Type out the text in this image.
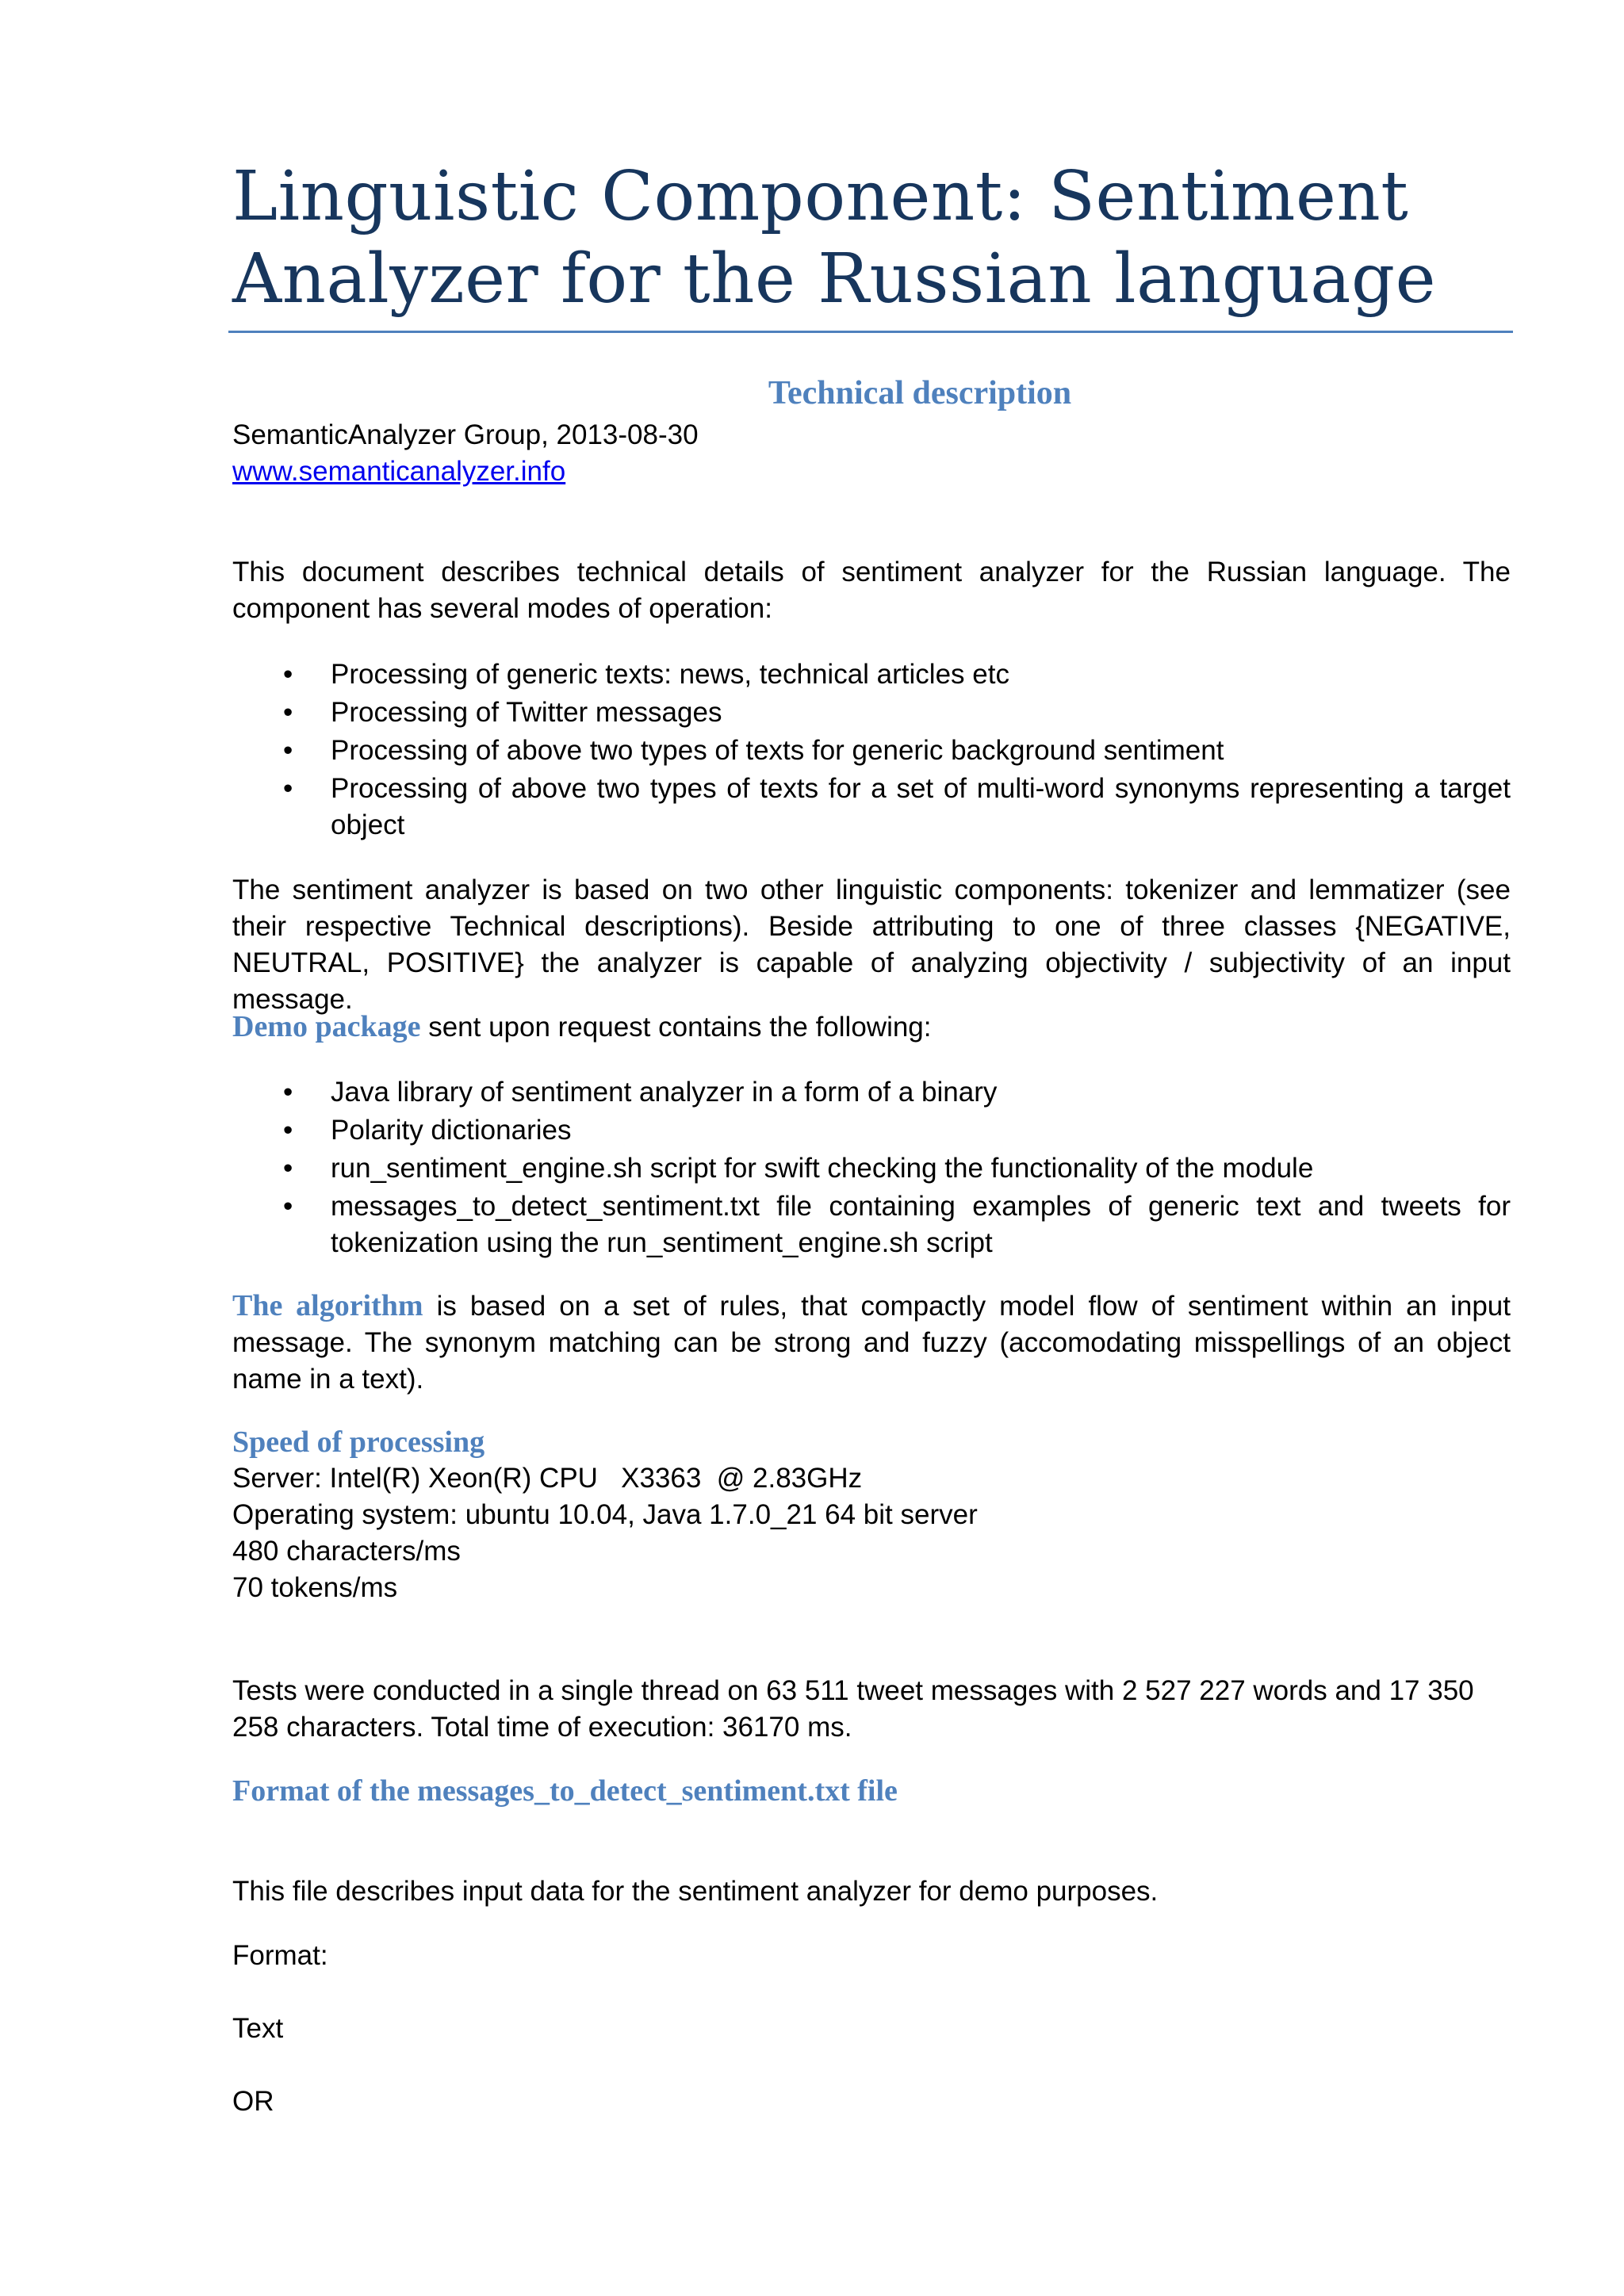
Linguistic Component: Sentiment Analyzer for the Russian language
Technical description

SemanticAnalyzer Group, 2013-08-30

www.semanticanalyzer.info

This document describes technical details of sentiment analyzer for the Russian language. The component has several modes of operation:

• Processing of generic texts: news, technical articles etc
• Processing of Twitter messages
• Processing of above two types of texts for generic background sentiment
• Processing of above two types of texts for a set of multi-word synonyms representing a target object

The sentiment analyzer is based on two other linguistic components: tokenizer and lemmatizer (see their respective Technical descriptions). Beside attributing to one of three classes {NEGATIVE, NEUTRAL, POSITIVE} the analyzer is capable of analyzing objectivity / subjectivity of an input message.

Demo package sent upon request contains the following:

• Java library of sentiment analyzer in a form of a binary
• Polarity dictionaries
• run_sentiment_engine.sh script for swift checking the functionality of the module
• messages_to_detect_sentiment.txt file containing examples of generic text and tweets for tokenization using the run_sentiment_engine.sh script

The algorithm is based on a set of rules, that compactly model flow of sentiment within an input message. The synonym matching can be strong and fuzzy (accomodating misspellings of an object name in a text).

Speed of processing

Server: Intel(R) Xeon(R) CPU   X3363  @ 2.83GHz

Operating system: ubuntu 10.04, Java 1.7.0_21 64 bit server

480 characters/ms

70 tokens/ms

Tests were conducted in a single thread on 63 511 tweet messages with 2 527 227 words and 17 350 258 characters. Total time of execution: 36170 ms.

Format of the messages_to_detect_sentiment.txt file

This file describes input data for the sentiment analyzer for demo purposes.

Format:

Text

OR
